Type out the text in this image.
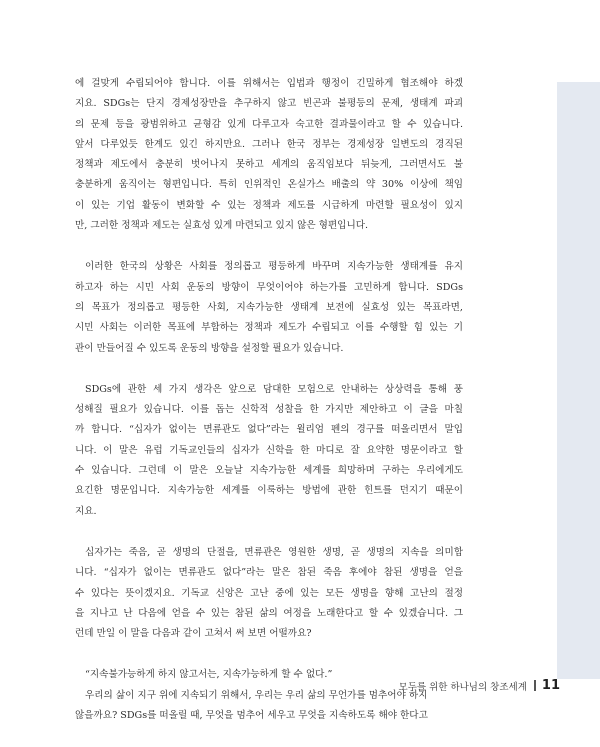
에 걸맞게 수립되어야 합니다. 이를 위해서는 입법과 행정이 긴밀하게 협조해야 하겠
지요. SDGs는 단지 경제성장만을 추구하지 않고 빈곤과 불평등의 문제, 생태계 파괴
의 문제 등을 광범위하고 균형감 있게 다루고자 숙고한 결과물이라고 할 수 있습니다.
앞서 다루었듯 한계도 있긴 하지만요. 그러나 한국 정부는 경제성장 일변도의 경직된
정책과 제도에서 충분히 벗어나지 못하고 세계의 움직임보다 뒤늦게, 그러면서도 불
충분하게 움직이는 형편입니다. 특히 인위적인 온실가스 배출의 약 30% 이상에 책임
이 있는 기업 활동이 변화할 수 있는 정책과 제도를 시급하게 마련할 필요성이 있지
만, 그러한 정책과 제도는 실효성 있게 마련되고 있지 않은 형편입니다.

이러한 한국의 상황은 사회를 정의롭고 평등하게 바꾸며 지속가능한 생태계를 유지
하고자 하는 시민 사회 운동의 방향이 무엇이어야 하는가를 고민하게 합니다. SDGs
의 목표가 정의롭고 평등한 사회, 지속가능한 생태계 보전에 실효성 있는 목표라면,
시민 사회는 이러한 목표에 부합하는 정책과 제도가 수립되고 이를 수행할 힘 있는 기
관이 만들어질 수 있도록 운동의 방향을 설정할 필요가 있습니다.

SDGs에 관한 세 가지 생각은 앞으로 담대한 모험으로 안내하는 상상력을 통해 풍
성해질 필요가 있습니다. 이를 돕는 신학적 성찰을 한 가지만 제안하고 이 글을 마칠
까 합니다. “십자가 없이는 면류관도 없다”라는 윌리엄 펜의 경구를 떠올리면서 말입
니다. 이 말은 유럽 기독교인들의 십자가 신학을 한 마디로 잘 요약한 명문이라고 할
수 있습니다. 그런데 이 말은 오늘날 지속가능한 세계를 희망하며 구하는 우리에게도
요긴한 명문입니다. 지속가능한 세계를 이룩하는 방법에 관한 힌트를 던지기 때문이
지요.

십자가는 죽음, 곧 생명의 단절을, 면류관은 영원한 생명, 곧 생명의 지속을 의미합
니다. “십자가 없이는 면류관도 없다”라는 말은 참된 죽음 후에야 참된 생명을 얻을
수 있다는 뜻이겠지요. 기독교 신앙은 고난 중에 있는 모든 생명을 향해 고난의 절정
을 지나고 난 다음에 얻을 수 있는 참된 삶의 여정을 노래한다고 할 수 있겠습니다. 그
런데 만일 이 말을 다음과 같이 고쳐서 써 보면 어떨까요?

“지속불가능하게 하지 않고서는, 지속가능하게 할 수 없다.”
우리의 삶이 지구 위에 지속되기 위해서, 우리는 우리 삶의 무언가를 멈추어야 하지
않을까요? SDGs를 떠올릴 때, 무엇을 멈추어 세우고 무엇을 지속하도록 해야 한다고

모두를 위한 하나님의 창조세계 11
